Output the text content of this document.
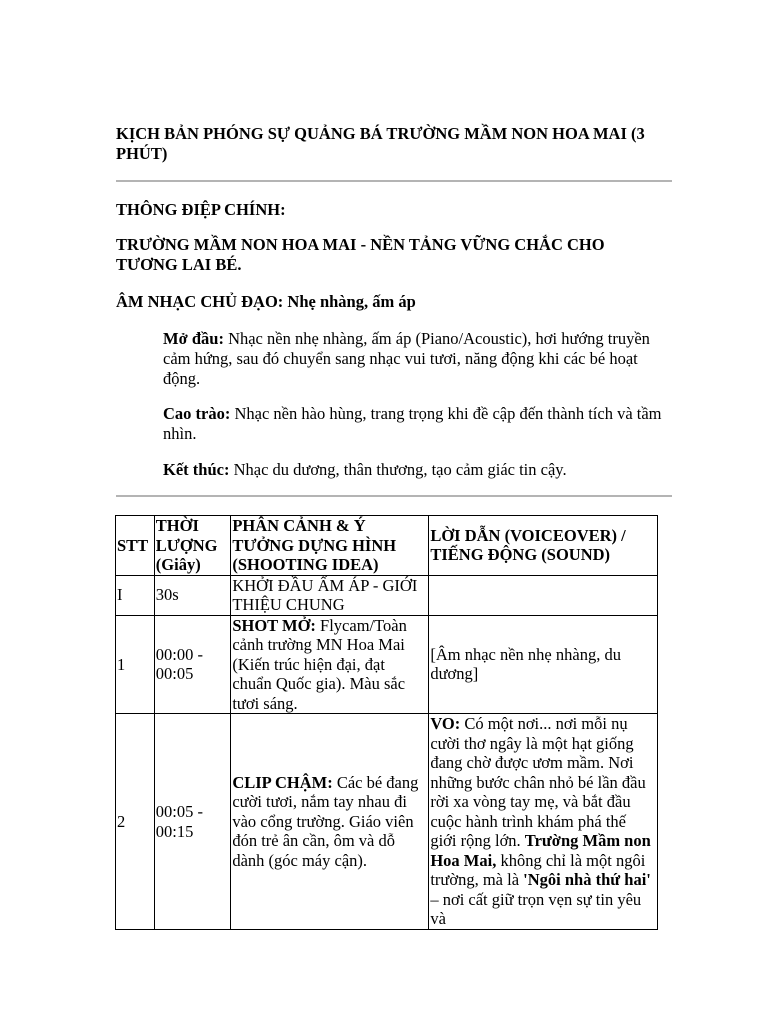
KỊCH BẢN PHÓNG SỰ QUẢNG BÁ TRƯỜNG MẦM NON HOA MAI (3 PHÚT)
THÔNG ĐIỆP CHÍNH:
TRƯỜNG MẦM NON HOA MAI - NỀN TẢNG VỮNG CHẮC CHO TƯƠNG LAI BÉ.
ÂM NHẠC CHỦ ĐẠO: Nhẹ nhàng, ấm áp
Mở đầu: Nhạc nền nhẹ nhàng, ấm áp (Piano/Acoustic), hơi hướng truyền cảm hứng, sau đó chuyển sang nhạc vui tươi, năng động khi các bé hoạt động.
Cao trào: Nhạc nền hào hùng, trang trọng khi đề cập đến thành tích và tầm nhìn.
Kết thúc: Nhạc du dương, thân thương, tạo cảm giác tin cậy.
STT	THỜI LƯỢNG (Giây)	PHÂN CẢNH & Ý TƯỞNG DỰNG HÌNH (SHOOTING IDEA)	LỜI DẪN (VOICEOVER) / TIẾNG ĐỘNG (SOUND)
I	30s	KHỞI ĐẦU ẤM ÁP - GIỚI THIỆU CHUNG	
1	00:00 - 00:05	SHOT MỞ: Flycam/Toàn cảnh trường MN Hoa Mai (Kiến trúc hiện đại, đạt chuẩn Quốc gia). Màu sắc tươi sáng.	[Âm nhạc nền nhẹ nhàng, du dương]
2	00:05 - 00:15	CLIP CHẬM: Các bé đang cười tươi, nắm tay nhau đi vào cổng trường. Giáo viên đón trẻ ân cần, ôm và dỗ dành (góc máy cận).	VO: Có một nơi... nơi mỗi nụ cười thơ ngây là một hạt giống đang chờ được ươm mầm. Nơi những bước chân nhỏ bé lần đầu rời xa vòng tay mẹ, và bắt đầu cuộc hành trình khám phá thế giới rộng lớn. Trường Mầm non Hoa Mai, không chỉ là một ngôi trường, mà là 'Ngôi nhà thứ hai' – nơi cất giữ trọn vẹn sự tin yêu và
